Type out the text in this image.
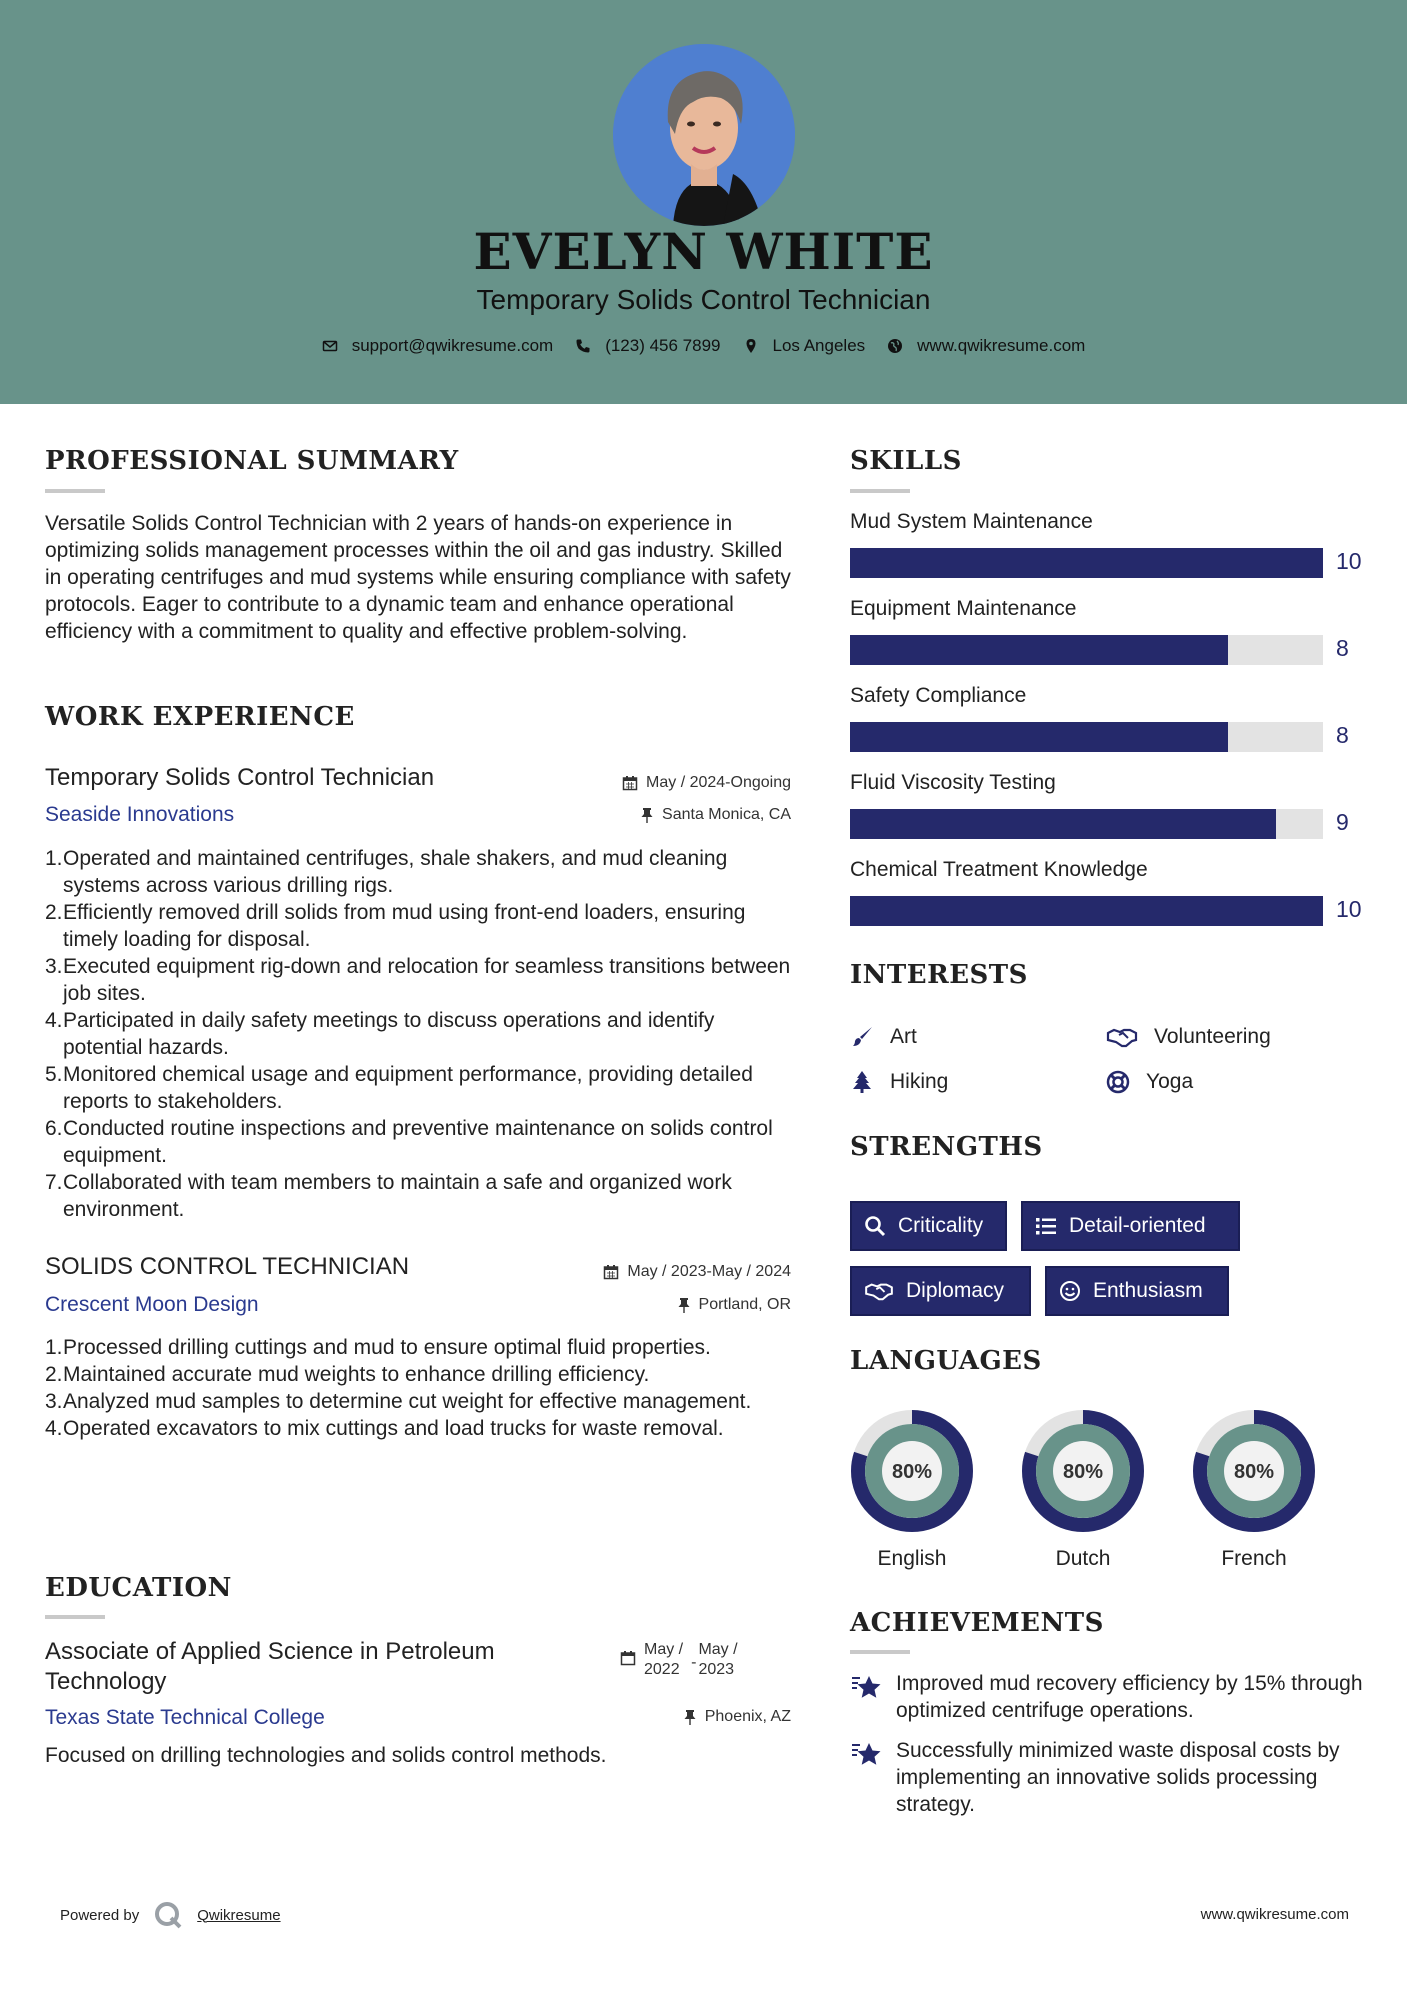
EVELYN WHITE
Temporary Solids Control Technician
support@qwikresume.com	(123) 456 7899	Los Angeles	www.qwikresume.com
PROFESSIONAL SUMMARY
Versatile Solids Control Technician with 2 years of hands-on experience in optimizing solids management processes within the oil and gas industry. Skilled in operating centrifuges and mud systems while ensuring compliance with safety protocols. Eager to contribute to a dynamic team and enhance operational efficiency with a commitment to quality and effective problem-solving.
WORK EXPERIENCE
Temporary Solids Control Technician
Seaside Innovations
May / 2024-Ongoing
Santa Monica, CA
1. Operated and maintained centrifuges, shale shakers, and mud cleaning systems across various drilling rigs.
2. Efficiently removed drill solids from mud using front-end loaders, ensuring timely loading for disposal.
3. Executed equipment rig-down and relocation for seamless transitions between job sites.
4. Participated in daily safety meetings to discuss operations and identify potential hazards.
5. Monitored chemical usage and equipment performance, providing detailed reports to stakeholders.
6. Conducted routine inspections and preventive maintenance on solids control equipment.
7. Collaborated with team members to maintain a safe and organized work environment.
SOLIDS CONTROL TECHNICIAN
Crescent Moon Design
May / 2023-May / 2024
Portland, OR
1. Processed drilling cuttings and mud to ensure optimal fluid properties.
2. Maintained accurate mud weights to enhance drilling efficiency.
3. Analyzed mud samples to determine cut weight for effective management.
4. Operated excavators to mix cuttings and load trucks for waste removal.
EDUCATION
Associate of Applied Science in Petroleum
Technology
May /
2022 -
May /
2023
Texas State Technical College	Phoenix, AZ
Focused on drilling technologies and solids control methods.
SKILLS
Mud System Maintenance
10
Equipment Maintenance
8
Safety Compliance
8
Fluid Viscosity Testing
9
Chemical Treatment Knowledge
10
INTERESTS
Art	Volunteering
Hiking	Yoga
STRENGTHS
Criticality	Detail-oriented
Diplomacy	Enthusiasm
LANGUAGES
80%
English
80%
Dutch
80%
French
ACHIEVEMENTS
Improved mud recovery efficiency by 15% through optimized centrifuge operations.
Successfully minimized waste disposal costs by implementing an innovative solids processing strategy.
Powered by	Qwikresume	www.qwikresume.com
